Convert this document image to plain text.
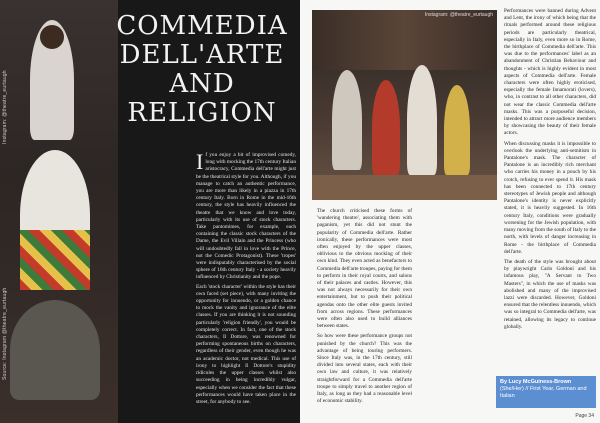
Instagram: @theatre_eurtaugh
Source: Instagram @theatre_eurtaugh
COMMEDIA
DELL'ARTE
AND
RELIGION

If you enjoy a bit of improvised comedy, long with mocking the 17th century Italian aristocracy, Commedia dell'arte might just be the theatrical style for you. Although, if you manage to catch an authentic performance, you are more than likely in a piazza in 17th century Italy. Born in Rome in the mid-16th century, the style has heavily influenced the theatre that we know and love today, particularly with its use of stock characters. Take pantomimes, for example, each containing the classic stock characters of the Dame, the Evil Villain and the Princess (who will undoubtedly fall in love with the Prince, not the Comedic Protagonist). These 'tropes' were indisputably characterised by the social sphere of 16th century Italy - a society heavily influenced by Christianity and the pope.

Each 'stock character' within the style has their own faced (set piece), with many inviting the opportunity for innuendo, or a golden chance to mock the vanity and ignorance of the elite classes. If you are thinking it is not sounding particularly 'religion friendly', you would be completely correct. In fact, one of the stock characters, Il Dottore, was renowned for performing spontaneous births on characters, regardless of their gender, even though he was an academic doctor, not medical. This use of irony to highlight Il Dottore's stupidity ridicules the upper classes whilst also succeeding in being incredibly vulgar, especially when we consider the fact that these performances would have taken place in the street, for anybody to see.

Instagram: @theatre_eurtaugh

The church criticised these forms of 'wandering theatre', associating them with paganism, yet this did not stunt the popularity of Commedia dell'arte. Rather ironically, these performances were most often enjoyed by the upper classes, oblivious to the obvious mocking of their own kind. They even acted as benefactors to Commedia dell'arte troupes, paying for them to perform in their royal courts, and salons of their palaces and castles. However, this was not always necessarily for their own entertainment, but to push their political agendas onto the other elite guests invited from across regions. These performances were often also used to build alliances between states.

So how were these performance groups not punished by the church? This was the advantage of being touring performers. Since Italy was, in the 17th century, still divided into several states, each with their own law and culture, it was relatively straightforward for a Commedia dell'arte troupe to simply travel to another region of Italy, as long as they had a reasonable level of economic stability.

Performances were banned during Advent and Lent, the irony of which being that the rituals performed around these religious periods are particularly theatrical, especially in Italy, even more so in Rome, the birthplace of Commedia dell'arte. This was due to the performances' label as an abandonment of Christian Behaviour and thoughts - which is highly evident in most aspects of Commedia dell'arte. Female characters were often highly eroticised, especially the female Innamorati (lovers), who, in contrast to all other characters, did not wear the classic Commedia dell'arte masks. This was a purposeful decision, intended to attract more audience members by showcasing the beauty of their female actors.

When discussing masks it is impossible to overlook the underlying anti-semitism in Pantalone's mask. The character of Pantalone is an incredibly rich merchant who carries his money in a pouch by his crotch, refusing to ever spend it. His mask has been connected to 17th century stereotypes of Jewish people and although Pantalone's identity is never explicitly stated, it is heavily suggested. In 16th century Italy, conditions were gradually worsening for the Jewish population, with many moving from the south of Italy to the north, with levels of danger increasing in Rome - the birthplace of Commedia dell'arte.

The death of the style was brought about by playwright Carlo Goldoni and his infamous play, "A Servant to Two Masters", in which the use of masks was abolished and many of the improvised lazzi were discarded. However, Goldoni ensured that the relentless innuendo, which was so integral to Commedia dell'arte, was retained, allowing its legacy to continue globally.

By Lucy McGuiness-Brown
(She/Her) // First Year, German and Italian
Page 34
